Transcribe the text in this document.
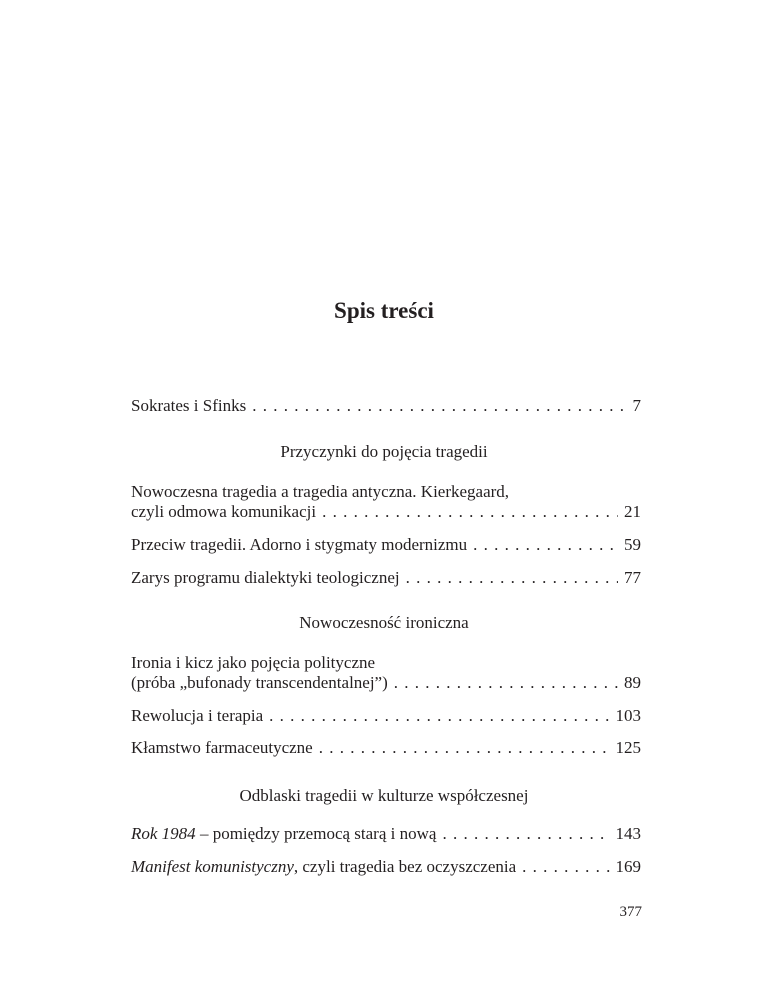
Spis treści
Sokrates i Sfinks . . .	7
Przyczynki do pojęcia tragedii
Nowoczesna tragedia a tragedia antyczna. Kierkegaard,
czyli odmowa komunikacji . . .	21
Przeciw tragedii. Adorno i stygmaty modernizmu . . .	59
Zarys programu dialektyki teologicznej . . .	77
Nowoczesność ironiczna
Ironia i kicz jako pojęcia polityczne
(próba „bufonady transcendentalnej”) . . .	89
Rewolucja i terapia . . .	103
Kłamstwo farmaceutyczne . . .	125
Odblaski tragedii w kulturze współczesnej
Rok 1984 – pomiędzy przemocą starą i nową . . .	143
Manifest komunistyczny, czyli tragedia bez oczyszczenia . . .	169
377
